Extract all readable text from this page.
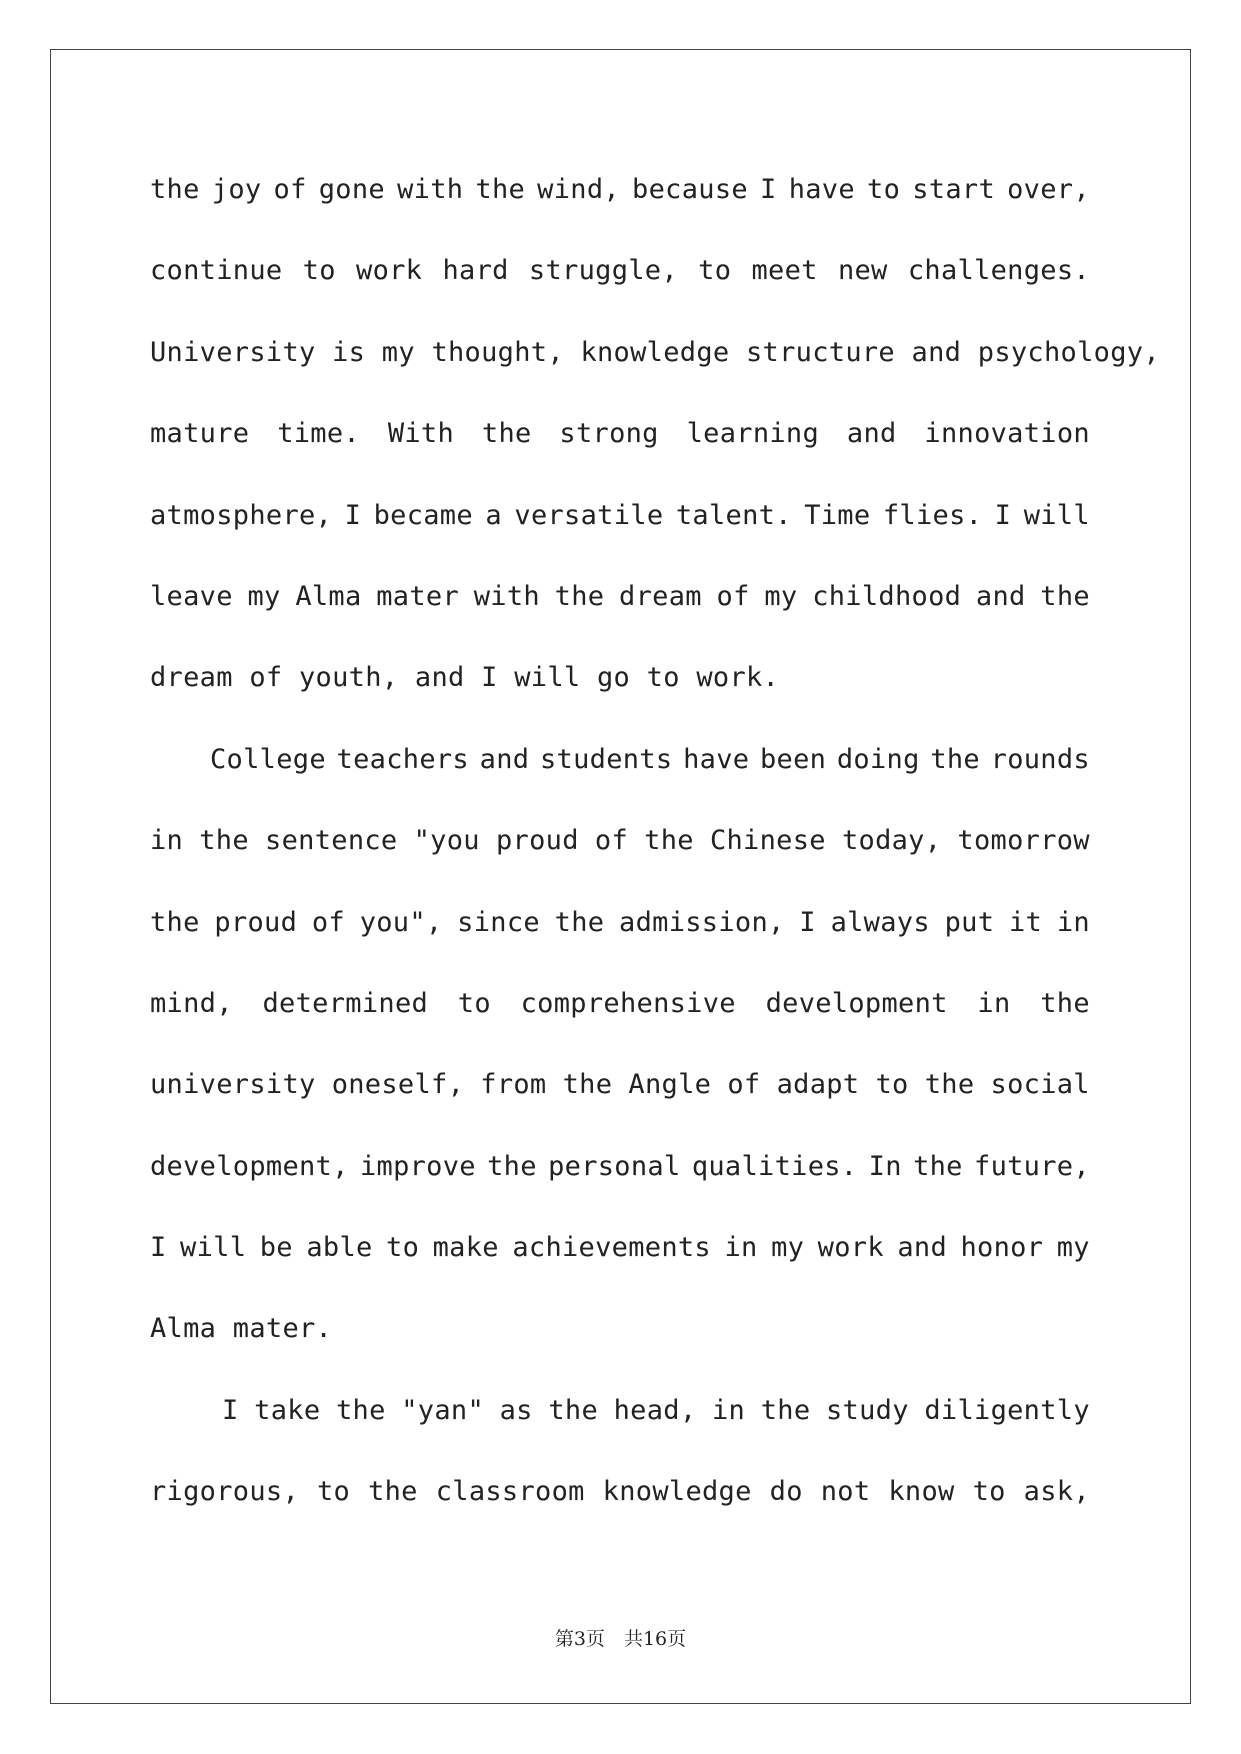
the joy of gone with the wind, because I have to start over,
continue to work hard struggle, to meet new challenges.
University is my thought, knowledge structure and psychology,
mature time. With the strong learning and innovation
atmosphere, I became a versatile talent. Time flies. I will
leave my Alma mater with the dream of my childhood and the
dream of youth, and I will go to work.
College teachers and students have been doing the rounds
in the sentence "you proud of the Chinese today, tomorrow
the proud of you", since the admission, I always put it in
mind, determined to comprehensive development in the
university oneself, from the Angle of adapt to the social
development, improve the personal qualities. In the future,
I will be able to make achievements in my work and honor my
Alma mater.
I take the "yan" as the head, in the study diligently
rigorous, to the classroom knowledge do not know to ask,
第3页　共16页
